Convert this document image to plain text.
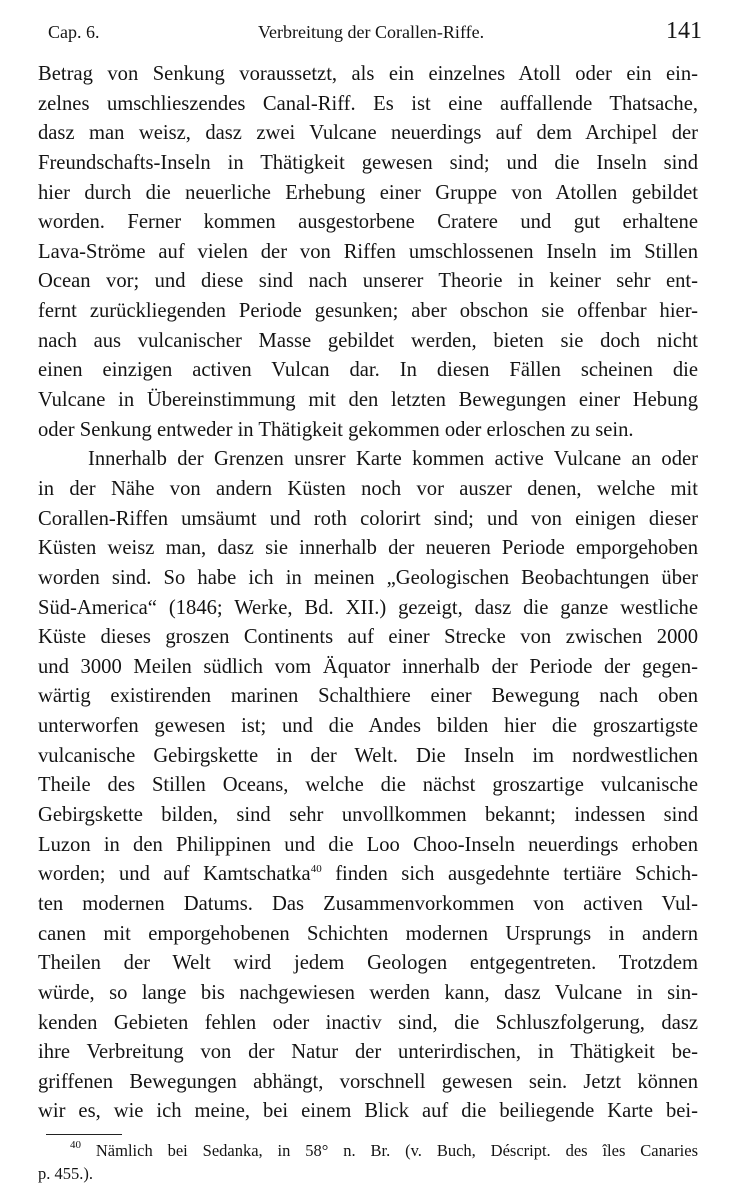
Cap. 6.	Verbreitung der Corallen-Riffe.	141
Betrag von Senkung voraussetzt, als ein einzelnes Atoll oder ein ein-
zelnes umschlieszendes Canal-Riff. Es ist eine auffallende Thatsache,
dasz man weisz, dasz zwei Vulcane neuerdings auf dem Archipel der
Freundschafts-Inseln in Thätigkeit gewesen sind; und die Inseln sind
hier durch die neuerliche Erhebung einer Gruppe von Atollen gebildet
worden. Ferner kommen ausgestorbene Cratere und gut erhaltene
Lava-Ströme auf vielen der von Riffen umschlossenen Inseln im Stillen
Ocean vor; und diese sind nach unserer Theorie in keiner sehr ent-
fernt zurückliegenden Periode gesunken; aber obschon sie offenbar hier-
nach aus vulcanischer Masse gebildet werden, bieten sie doch nicht
einen einzigen activen Vulcan dar. In diesen Fällen scheinen die
Vulcane in Übereinstimmung mit den letzten Bewegungen einer Hebung
oder Senkung entweder in Thätigkeit gekommen oder erloschen zu sein.
Innerhalb der Grenzen unsrer Karte kommen active Vulcane an oder
in der Nähe von andern Küsten noch vor auszer denen, welche mit
Corallen-Riffen umsäumt und roth colorirt sind; und von einigen dieser
Küsten weisz man, dasz sie innerhalb der neueren Periode emporgehoben
worden sind. So habe ich in meinen „Geologischen Beobachtungen über
Süd-America“ (1846; Werke, Bd. XII.) gezeigt, dasz die ganze westliche
Küste dieses groszen Continents auf einer Strecke von zwischen 2000
und 3000 Meilen südlich vom Äquator innerhalb der Periode der gegen-
wärtig existirenden marinen Schalthiere einer Bewegung nach oben
unterworfen gewesen ist; und die Andes bilden hier die groszartigste
vulcanische Gebirgskette in der Welt. Die Inseln im nordwestlichen
Theile des Stillen Oceans, welche die nächst groszartige vulcanische
Gebirgskette bilden, sind sehr unvollkommen bekannt; indessen sind
Luzon in den Philippinen und die Loo Choo-Inseln neuerdings erhoben
worden; und auf Kamtschatka$^{40}$ finden sich ausgedehnte tertiäre Schich-
ten modernen Datums. Das Zusammenvorkommen von activen Vul-
canen mit emporgehobenen Schichten modernen Ursprungs in andern
Theilen der Welt wird jedem Geologen entgegentreten. Trotzdem
würde, so lange bis nachgewiesen werden kann, dasz Vulcane in sin-
kenden Gebieten fehlen oder inactiv sind, die Schluszfolgerung, dasz
ihre Verbreitung von der Natur der unterirdischen, in Thätigkeit be-
griffenen Bewegungen abhängt, vorschnell gewesen sein. Jetzt können
wir es, wie ich meine, bei einem Blick auf die beiliegende Karte bei-
$^{40}$ Nämlich bei Sedanka, in 58° n. Br. (v. Buch, Déscript. des îles Canaries
p. 455.).
